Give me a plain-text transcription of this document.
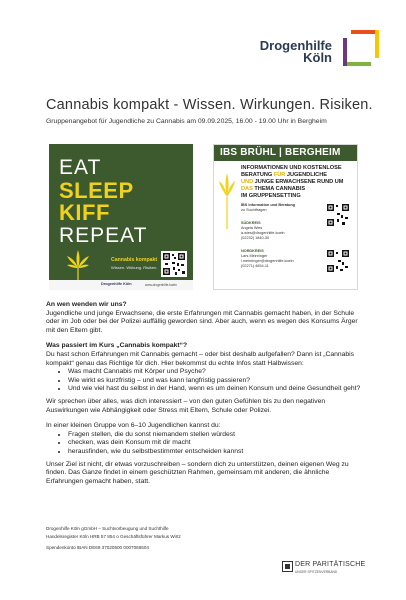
Drogenhilfe
Köln
Cannabis kompakt - Wissen. Wirkungen. Risiken.
Gruppenangebot für Jugendliche zu Cannabis am 09.09.2025, 16.00 - 19.00 Uhr in Bergheim
EAT
SLEEP
KIFF
REPEAT
Cannabis kompakt
Wissen. Wirkung. Risiken.
Drogenhilfe Köln	www.drogenhilfe.koeln
IBS BRÜHL | BERGHEIM
INFORMATIONEN UND KOSTENLOSE
BERATUNG FÜR JUGENDLICHE
UND JUNGE ERWACHSENE RUND UM
DAS THEMA CANNABIS
IM GRUPPENSETTING
IBS Information und Beratung
zu Suchtfragen
SÜDKREIS
Angela Wies
a.wies@drogenhilfe.koeln
(02232) 1840-30
NORDKREIS
Lars Meinringer
l.meinringer@drogenhilfe.koeln
(02271) 4654-11

An wen wenden wir uns?
Jugendliche und junge Erwachsene, die erste Erfahrungen mit Cannabis gemacht haben, in der Schule oder im Job oder bei der Polizei auffällig geworden sind. Aber auch, wenn es wegen des Konsums Ärger mit den Eltern gibt.

Was passiert im Kurs „Cannabis kompakt“?
Du hast schon Erfahrungen mit Cannabis gemacht – oder bist deshalb aufgefallen? Dann ist „Cannabis kompakt“ genau das Richtige für dich. Hier bekommst du echte Infos statt Halbwissen:

• Was macht Cannabis mit Körper und Psyche?
• Wie wirkt es kurzfristig – und was kann langfristig passieren?
• Und wie viel hast du selbst in der Hand, wenn es um deinen Konsum und deine Gesundheit geht?

Wir sprechen über alles, was dich interessiert – von den guten Gefühlen bis zu den negativen Auswirkungen wie Abhängigkeit oder Stress mit Eltern, Schule oder Polizei.

In einer kleinen Gruppe von 6–10 Jugendlichen kannst du:

• Fragen stellen, die du sonst niemandem stellen würdest
• checken, was dein Konsum mit dir macht
• herausfinden, wie du selbstbestimmter entscheiden kannst

Unser Ziel ist nicht, dir etwas vorzuschreiben – sondern dich zu unterstützen, deinen eigenen Weg zu finden. Das Ganze findet in einem geschützten Rahmen, gemeinsam mit anderen, die ähnliche Erfahrungen gemacht haben, statt.

Drogenhilfe Köln gGmbH – Suchtvorbeugung und Suchthilfe
Handelsregister Köln HRB 57 854 o Geschäftsführer Markus Wirtz
Spendenkonto IBAN DE69 37020500 0007066504
DER PARITÄTISCHE
UNSER SPITZENVERBAND
